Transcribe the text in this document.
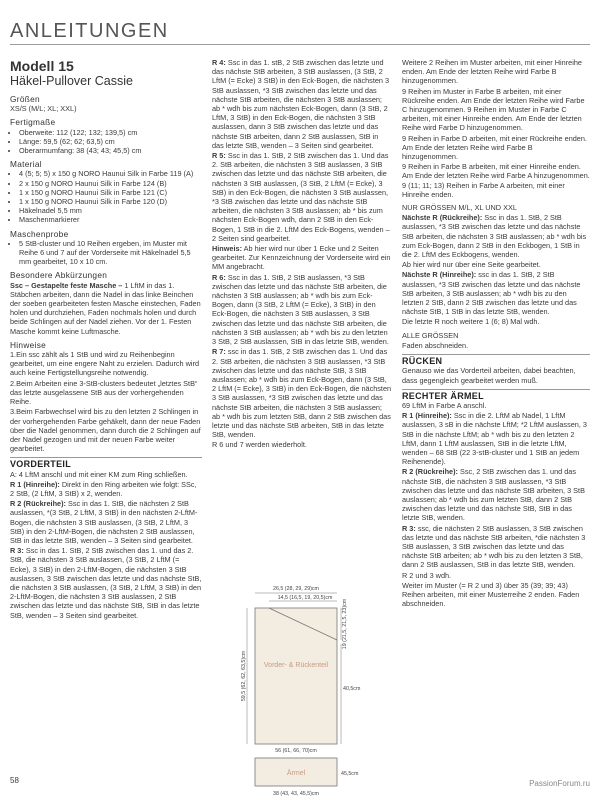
ANLEITUNGEN
Modell 15
Häkel-Pullover Cassie
Größen

XS/S (M/L; XL; XXL)

Fertigmaße
• Oberweite: 112 (122; 132; 139,5) cm
• Länge: 59,5 (62; 62; 63,5) cm
• Oberarmumfang: 38 (43; 43; 45,5) cm
Material
• 4 (5; 5; 5) x 150 g NORO Haunui Silk in Farbe 119 (A)
• 2 x 150 g NORO Haunui Silk in Farbe 124 (B)
• 1 x 150 g NORO Haunui Silk in Farbe 121 (C)
• 1 x 150 g NORO Haunui Silk in Farbe 120 (D)
• Häkelnadel 5,5 mm
• Maschenmarkierer
Maschenprobe
• 5 StB-cluster und 10 Reihen ergeben, im Muster mit Reihe 6 und 7 auf der Vorderseite mit Häkelnadel 5,5 mm gearbeitet, 10 x 10 cm.
Besondere Abkürzungen

Ssc – Gestapelte feste Masche – 1 LftM in das 1. Stäbchen arbeiten, dann die Nadel in das linke Beinchen der soeben gearbeiteten festen Masche einstechen, Faden holen und durchziehen, Faden nochmals holen und durch beide Schlingen auf der Nadel ziehen. Vor der 1. Festen Masche kommt keine Luftmasche.

Hinweise

1.Ein ssc zählt als 1 StB und wird zu Reihenbeginn gearbeitet, um eine engere Naht zu erzielen. Dadurch wird auch keine Fertigstellungsreihe notwendig.

2.Beim Arbeiten eine 3-StB-clusters bedeutet „letztes StB“ das letzte ausgelassene StB aus der vorhergehenden Reihe.

3.Beim Farbwechsel wird bis zu den letzten 2 Schlingen in der vorhergehenden Farbe gehäkelt, dann der neue Faden über die Nadel genommen, dann durch die 2 Schlingen auf der Nadel gezogen und mit der neuen Farbe weiter gearbeitet.

VORDERTEIL

A: 4 LftM anschl und mit einer KM zum Ring schließen.

R 1 (Hinreihe): Direkt in den Ring arbeiten wie folgt: SSc, 2 StB, (2 LftM, 3 StB) x 2, wenden.

R 2 (Rückreihe): Ssc in das 1. StB, die nächsten 2 StB auslassen, *(3 StB, 2 LftM, 3 StB) in den nächsten 2-LftM-Bogen, die nächsten 3 StB auslassen, (3 StB, 2 LftM, 3 StB) in den 2-LftM-Bogen, die nächsten 2 StB auslassen, StB in das letzte StB, wenden – 3 Seiten sind gearbeitet.

R 3: Ssc in das 1. StB, 2 StB zwischen das 1. und das 2. StB, die nächsten 3 StB auslassen, (3 StB, 2 LftM (= Ecke), 3 StB) in den 2-LftM-Bogen, die nächsten 3 StB auslassen, 3 StB zwischen das letzte und das nächste StB, die nächsten 3 StB auslassen, (3 StB, 2 LftM, 3 StB) in den 2-LftM-Bogen, die nächsten 3 StB auslassen, 2 StB zwischen das letzte und das nächste StB, StB in das letzte StB, wenden – 3 Seiten sind gearbeitet.

R 4: Ssc in das 1. stB, 2 StB zwischen das letzte und das nächste StB arbeiten, 3 StB auslassen, (3 StB, 2 LftM (= Ecke) 3 StB) in den Eck-Bogen, die nächsten 3 StB auslassen, *3 StB zwischen das letzte und das nächste StB arbeiten, die nächsten 3 StB auslassen; ab * wdh bis zum nächsten Eck-Bogen, dann (3 StB, 2 LftM, 3 StB) in den Eck-Bogen, die nächsten 3 StB auslassen, dann 3 StB zwischen das letzte und das nächste StB arbeiten, dann 2 StB auslassen, StB in das letzte StB, wenden – 3 Seiten sind gearbeitet.

R 5: Ssc in das 1. StB, 2 StB zwischen das 1. Und das 2. StB arbeiten, die nächsten 3 StB auslassen, 3 StB zwischen das letzte und das nächste StB arbeiten, die nächsten 3 StB auslassen, (3 StB, 2 LftM (= Ecke), 3 StB) in den Eck-Bogen, die nächsten 3 StB auslassen, *3 StB zwischen das letzte und das nächste StB arbeiten, die nächsten 3 StB auslassen; ab * bis zum nächsten Eck-Bogen wdh, dann 2 StB in den Eck-Bogen, 1 StB in die 2. LftM des Eck-Bogens, wenden – 2 Seiten sind gearbeitet.

Hinweis: Ab hier wird nur über 1 Ecke und 2 Seiten gearbeitet. Zur Kennzeichnung der Vorderseite wird ein MM angebracht.

R 6: Ssc in das 1. StB, 2 StB auslassen, *3 StB zwischen das letzte und das nächste StB arbeiten, die nächsten 3 StB auslassen; ab * wdh bis zum Eck-Bogen, dann (3 StB, 2 LftM (= Ecke), 3 StB) in den Eck-Bogen, die nächsten 3 StB auslassen, 3 StB zwischen das letzte und das nächste StB arbeiten, die nächsten 3 StB auslassen; ab * wdh bis zu den letzten 3 StB, 2 StB auslassen, StB in das letzte StB, wenden.

R 7: ssc in das 1. StB, 2 StB zwischen das 1. Und das 2. StB arbeiten, die nächsten 3 StB auslassen, *3 StB zwischen das letzte und das nächste StB, 3 StB auslassen; ab * wdh bis zum Eck-Bogen, dann (3 StB, 2 LftM (= Ecke), 3 StB) in den Eck-Bogen, die nächsten 3 StB auslassen, *3 StB zwischen das letzte und das nächste StB arbeiten, die nächsten 3 StB auslassen; ab * wdh bis zum letzten StB, dann 2 StB zwischen das letzte und das nächste StB arbeiten, StB in das letzte StB, wenden.

R 6 und 7 werden wiederholt.

Vorder- & Rückenteil
Ärmel
26,5 (28, 29, 29)cm
14,5 (16,5, 19, 20,5)cm
59,5 (62, 62, 63,5)cm
19 (21,5, 21,5, 23)cm
40,5cm
56 (61, 66, 70)cm
45,5cm
38 (43, 43, 45,5)cm

Weitere 2 Reihen im Muster arbeiten, mit einer Hinreihe enden. Am Ende der letzten Reihe wird Farbe B hinzugenommen.

9 Reihen im Muster in Farbe B arbeiten, mit einer Rückreihe enden. Am Ende der letzten Reihe wird Farbe C hinzugenommen. 9 Reihen im Muster in Farbe C arbeiten, mit einer Hinreihe enden. Am Ende der letzten Reihe wird Farbe D hinzugenommen.

9 Reihen in Farbe D arbeiten, mit einer Rückreihe enden. Am Ende der letzten Reihe wird Farbe B hinzugenommen.

9 Reihen in Farbe B arbeiten, mit einer Hinreihe enden. Am Ende der letzten Reihe wird Farbe A hinzugenommen. 9 (11; 11; 13) Reihen in Farbe A arbeiten, mit einer Hinreihe enden.

NUR GRÖSSEN M/L, XL UND XXL

Nächste R (Rückreihe): Ssc in das 1. StB, 2 StB auslassen, *3 StB zwischen das letzte und das nächste StB arbeiten, die nächsten 3 StB auslassen; ab * wdh bis zum Eck-Bogen, dann 2 StB in den Eckbogen, 1 StB in die 2. LftM des Eckbogens, wenden.

Ab hier wird nur über eine Seite gearbeitet.

Nächste R (Hinreihe): ssc in das 1. StB, 2 StB auslassen, *3 StB zwischen das letzte und das nächste StB arbeiten, 3 StB auslassen; ab * wdh bis zu den letzten 2 StB, dann 2 StB zwischen das letzte und das nächste StB, 1 StB in das letzte StB, wenden.

Die letzte R noch weitere 1 (6; 8) Mal wdh.

ALLE GRÖSSEN

Faden abschneiden.

RÜCKEN

Genauso wie das Vorderteil arbeiten, dabei beachten, dass gegengleich gearbeitet werden muß.

RECHTER ÄRMEL

69 LftM in Farbe A anschl.

R 1 (Hinreihe): Ssc in die 2. LftM ab Nadel, 1 LftM auslassen, 3 sB in die nächste LftM; *2 LftM auslassen, 3 StB in die nächste LftM; ab * wdh bis zu den letzten 2 LftM, dann 1 LftM auslassen, StB in die letzte LftM, wenden – 68 StB (22 3-stB-cluster und 1 StB an jedem Reihenende).

R 2 (Rückreihe): Ssc, 2 StB zwischen das 1. und das nächste StB, die nächsten 3 StB auslassen, *3 StB zwischen das letzte und das nächste StB arbeiten, 3 StB auslassen; ab * wdh bis zum letzten StB, dann 2 StB zwischen das letzte und das nächste StB, StB in das letzte StB, wenden.

R 3: ssc, die nächsten 2 StB auslassen, 3 StB zwischen das letzte und das nächste StB arbeiten, *die nächsten 3 StB auslassen, 3 StB zwischen das letzte und das nächste StB arbeiten; ab * wdh bis zu den letzten 3 StB, dann 2 StB auslassen, StB in das letzte StB, wenden.

R 2 und 3 wdh.

Weiter im Muster (= R 2 und 3) über 35 (39; 39; 43) Reihen arbeiten, mit einer Musterreihe 2 enden. Faden abschneiden.

58	PassionForum.ru
